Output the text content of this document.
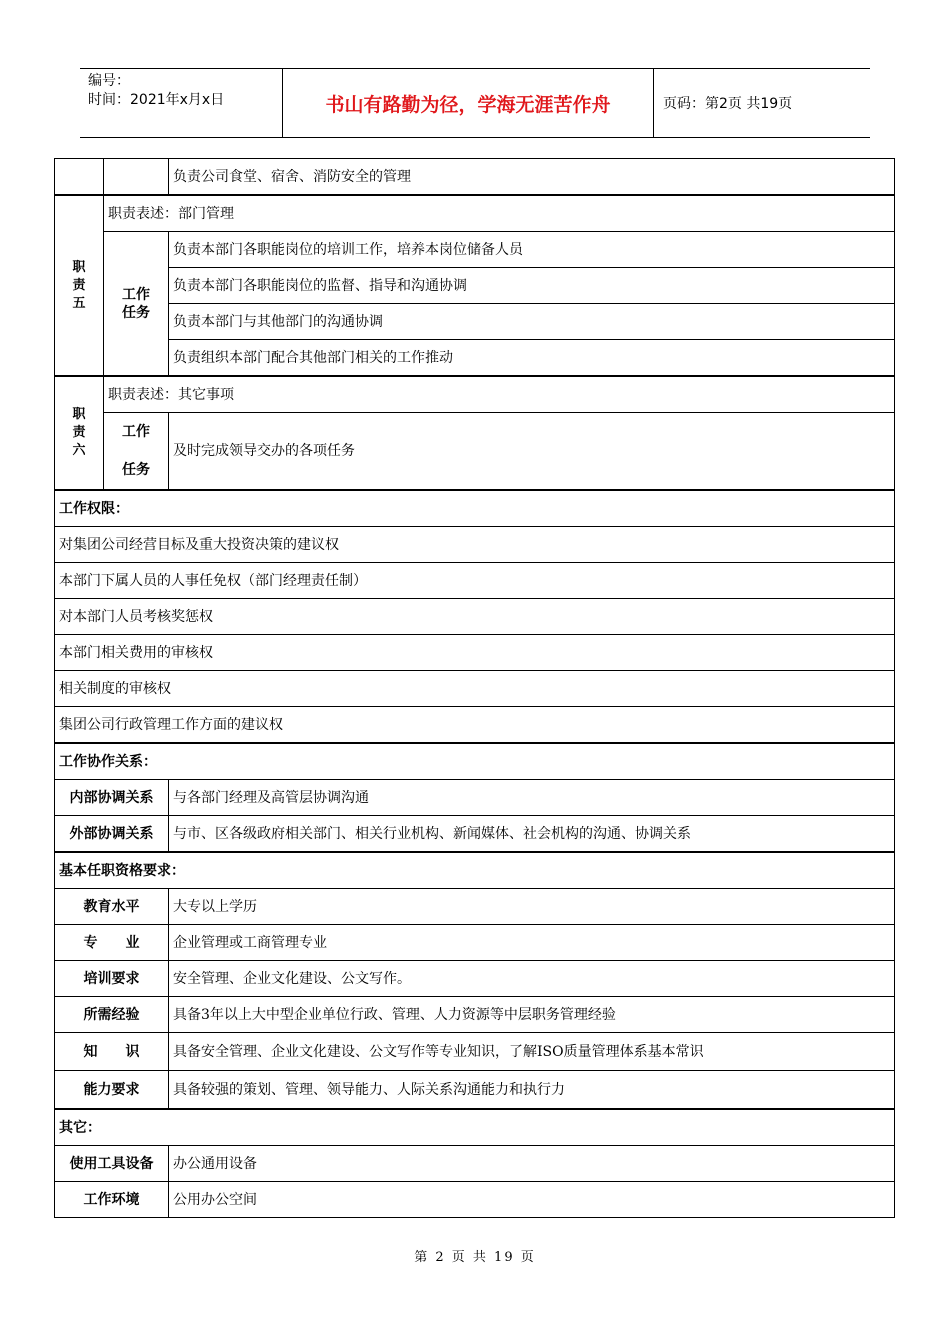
编号：
时间：2021年x月x日	书山有路勤为径，学海无涯苦作舟	页码：第2页 共19页
		负责公司食堂、宿舍、消防安全的管理
职责五	职责表述：部门管理	

	工作
任务	负责本部门各职能岗位的培训工作，培养本岗位储备人员
		负责本部门各职能岗位的监督、指导和沟通协调
		负责本部门与其他部门的沟通协调
		负责组织本部门配合其他部门相关的工作推动
职责六	职责表述：其它事项	

	工作
任务	及时完成领导交办的各项任务
工作权限：		
对集团公司经营目标及重大投资决策的建议权		
本部门下属人员的人事任免权（部门经理责任制）		
对本部门人员考核奖惩权		
本部门相关费用的审核权		
相关制度的审核权		
集团公司行政管理工作方面的建议权		
工作协作关系：		
内部协调关系		与各部门经理及高管层协调沟通
外部协调关系		与市、区各级政府相关部门、相关行业机构、新闻媒体、社会机构的沟通、协调关系
基本任职资格要求：		
教育水平		大专以上学历
专　　业		企业管理或工商管理专业
培训要求		安全管理、企业文化建设、公文写作。
所需经验		具备3年以上大中型企业单位行政、管理、人力资源等中层职务管理经验
知　　识		具备安全管理、企业文化建设、公文写作等专业知识，了解ISO质量管理体系基本常识
能力要求		具备较强的策划、管理、领导能力、人际关系沟通能力和执行力
其它：		
使用工具设备		办公通用设备
工作环境		公用办公空间
第 2 页 共 19 页
